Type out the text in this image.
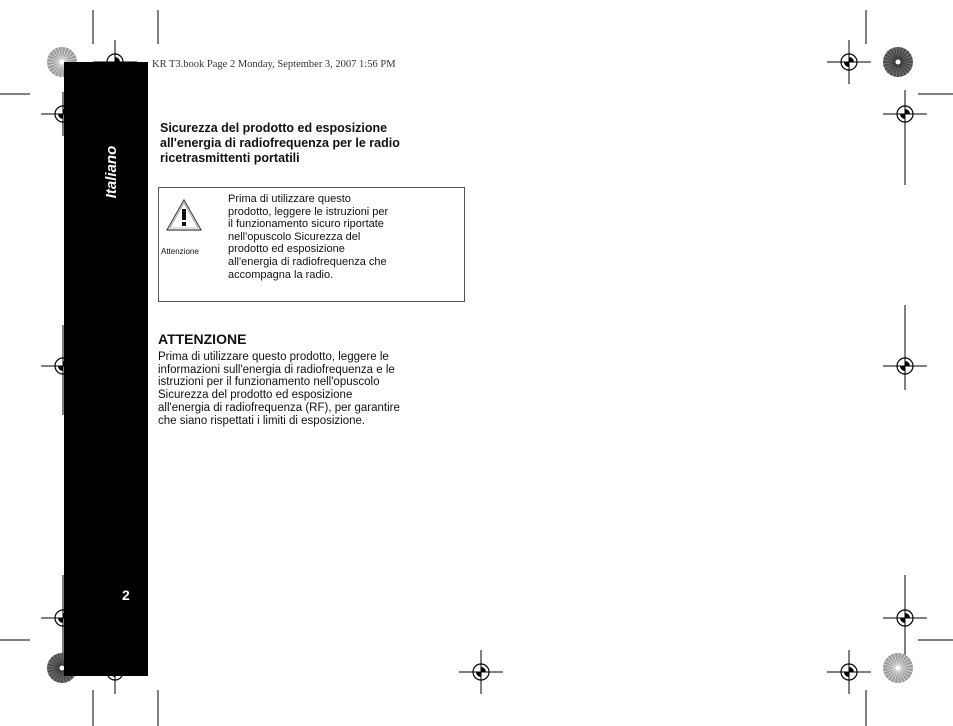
Italiano
2
KR T3.book Page 2 Monday, September 3, 2007 1:56 PM
Sicurezza del prodotto ed esposizione
all'energia di radiofrequenza per le radio
ricetrasmittenti portatili
Attenzione
Prima di utilizzare questo
prodotto, leggere le istruzioni per
il funzionamento sicuro riportate
nell'opuscolo Sicurezza del
prodotto ed esposizione
all'energia di radiofrequenza che
accompagna la radio.
ATTENZIONE
Prima di utilizzare questo prodotto, leggere le
informazioni sull'energia di radiofrequenza e le
istruzioni per il funzionamento nell'opuscolo
Sicurezza del prodotto ed esposizione
all'energia di radiofrequenza (RF), per garantire
che siano rispettati i limiti di esposizione.
